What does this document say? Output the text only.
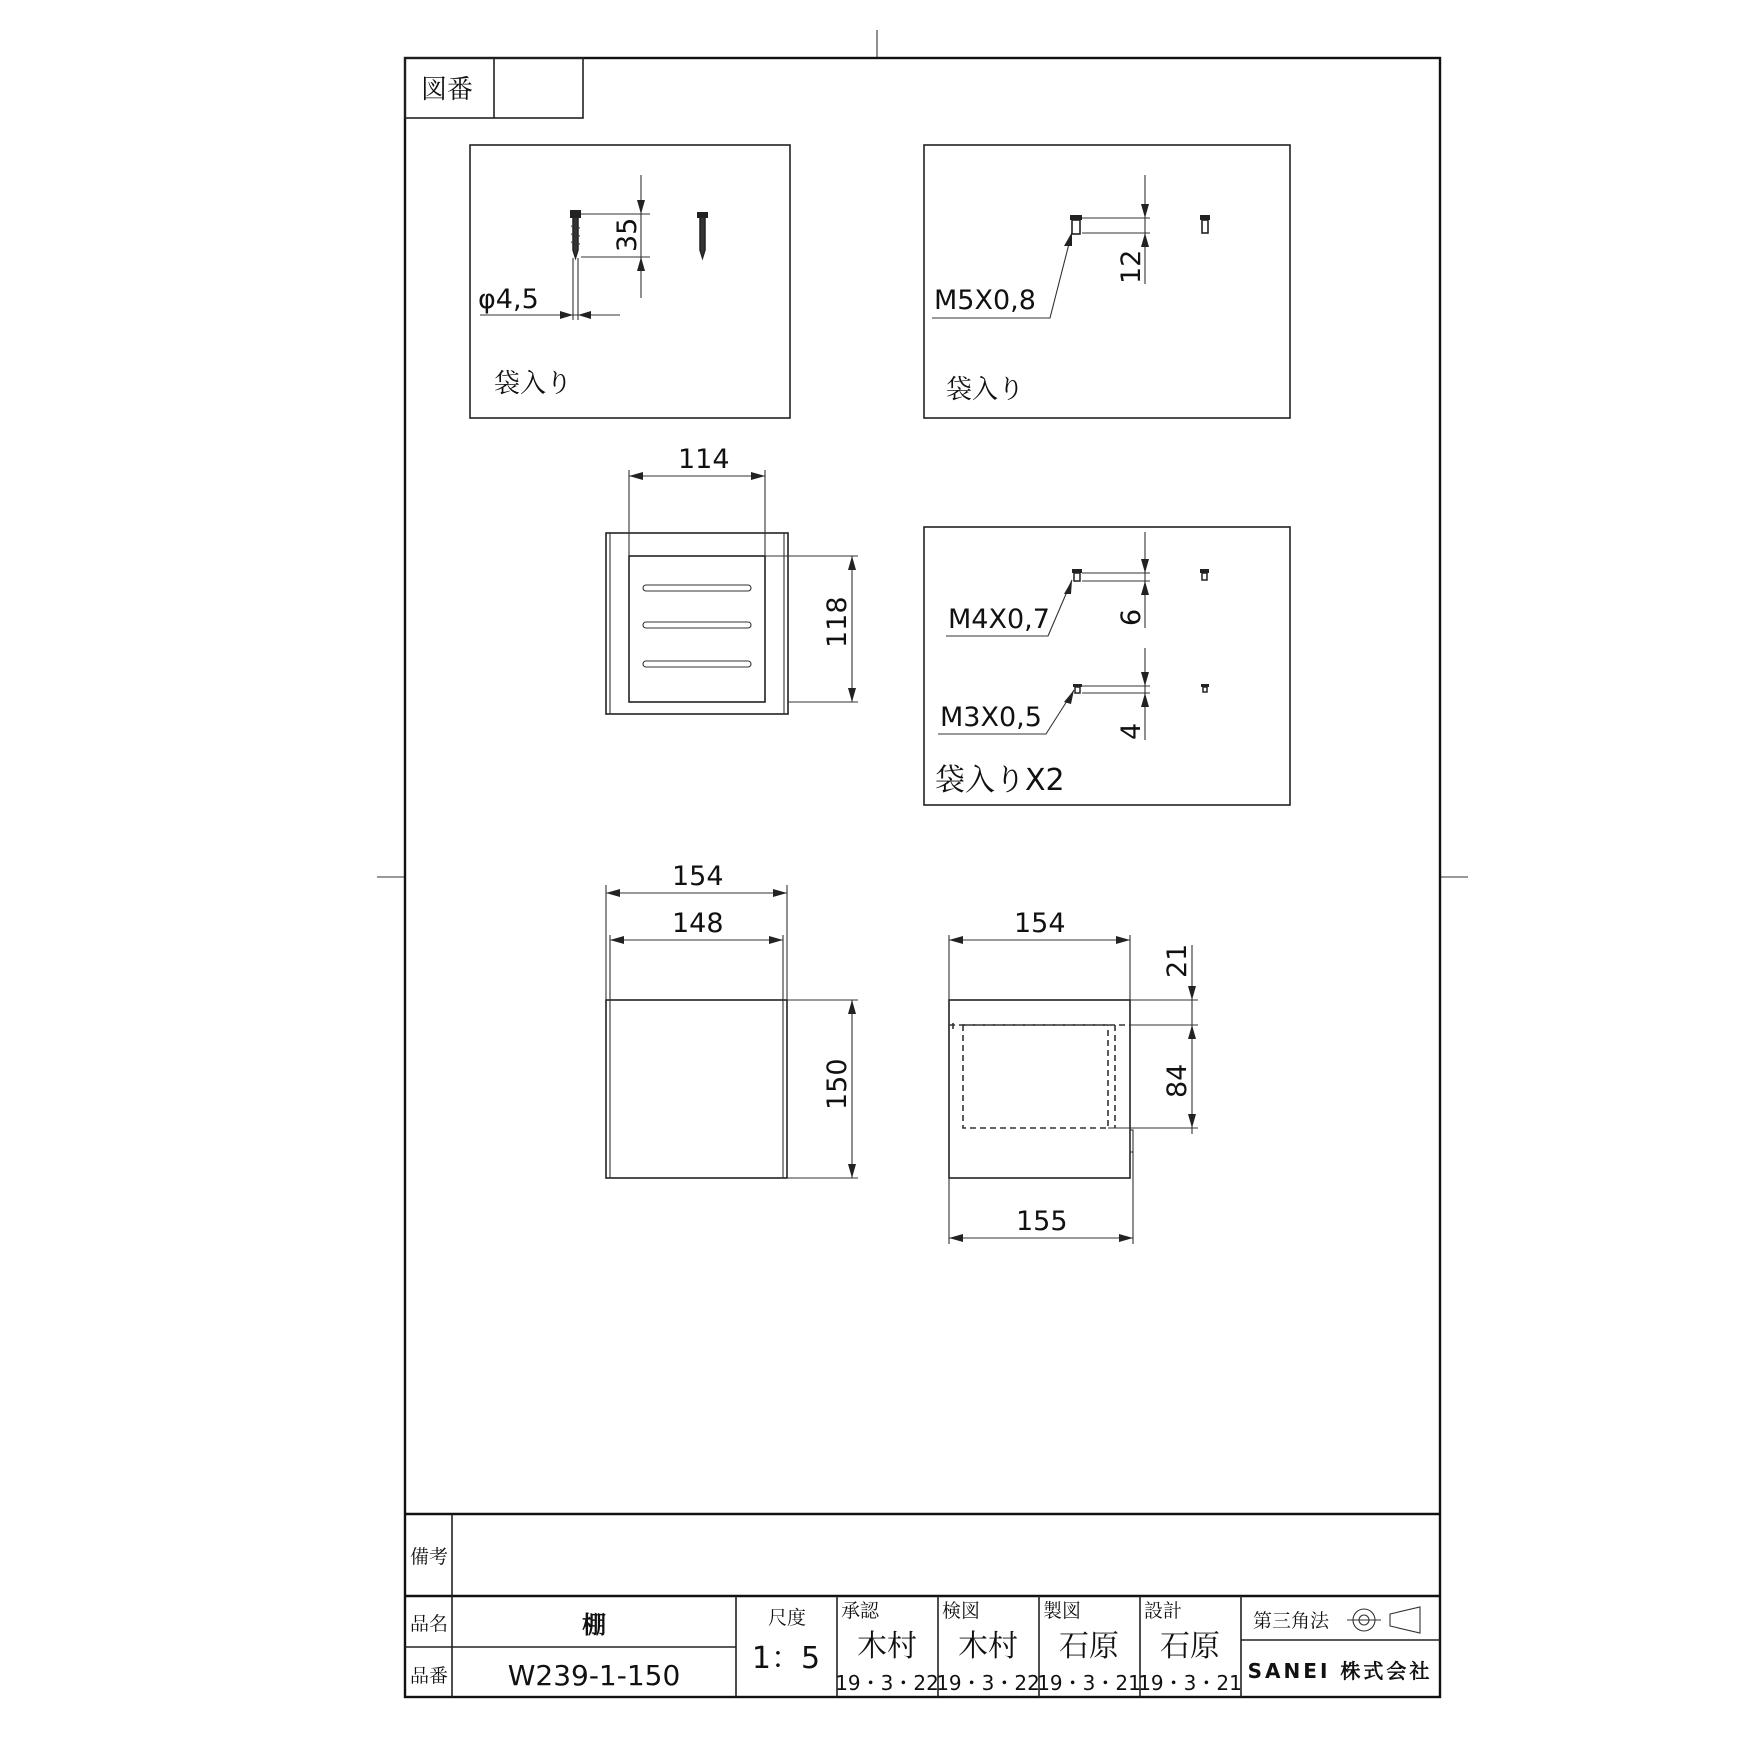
図番
35
φ4,5
袋入り
12
M5X0,8
袋入り
6
M4X0,7
4
M3X0,5
袋入りX2
114
118
154
148
150
154
155
21
84
備考
品名
品番
棚
W239-1-150
尺度
1：5
承認
木村
19・3・22
検図
木村
19・3・22
製図
石原
19・3・21
設計
石原
19・3・21
第三角法
SANEI 株式会社
